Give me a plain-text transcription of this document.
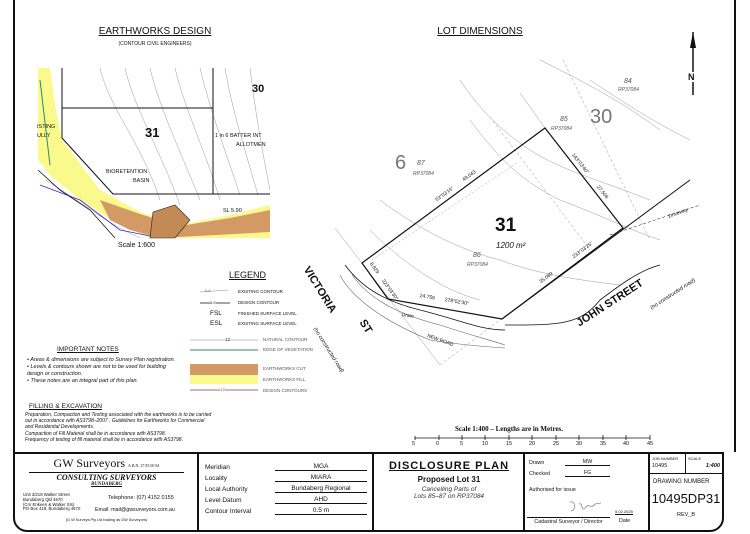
EARTHWORKS DESIGN
(CONTOUR CIVIL ENGINEERS)
31
30
ISTING
ULLY
BIORETENTION
BASIN
1 in 6 BATTER INT
ALLOTMEN
SL 5.90
Scale 1:600
LOT DIMENSIONS
31
1200 m²
84
RP37084
85
RP37084
86
RP37084
87
RP37084
30
6
53°03'15"
49.043
143°03'40"
27.508
35.089
233°03'25"
24.759 278°52'30"
8.829
323°03'30"
VICTORIA
ST
(no constructed road)
JOHN STREET (no constructed road)
NEW ROAD
Drain
Driveway
N
Scale 1:400 – Lengths are in Metres.
5	0	5	10	15	20	25	30	35	40	45
LEGEND
0.0	EXISTING CONTOUR
0.0	DESIGN CONTOUR
FSL	FINISHED SURFACE LEVEL
ESL	EXISTING SURFACE LEVEL
12	NATURAL CONTOUR
EDGE OF VEGETATION
EARTHWORKS CUT
EARTHWORKS FILL
12	DESIGN CONTOURS
IMPORTANT NOTES
• Areas & dimensions are subject to Survey Plan registration.
• Levels & contours shown are not to be used for building design or construction.
• These notes are an integral part of this plan.
FILLING & EXCAVATION
Preparation, Compaction and Testing associated with the earthworks is to be carried
out in accordance with AS3798–2007 , Guidelines for Earthworks for Commercial
and Residential Developments.
Compaction of Fill Material shall be in accordance with AS3798.
Frequency of testing of fill material shall be in accordance with AS3798.
GW Surveyors A.B.N. 27 83 00 84
CONSULTING SURVEYORS
BUNDABERG
Unit 3/218 Walker Street
Bundaberg Qld 4670
(Cnr Enkeen & Walker Sts)
PO Box 418, Bundaberg 4670
Telephone: (07) 4152 0155
Email: mail@gwsurveyors.com.au
(G W Surveys Pty Ltd trading as GW Surveyors)
Meridian	MGA
Locality	MIARA
Local Authority	Bundaberg Regional
Level Datum	AHD
Contour Interval	0.5 m
DISCLOSURE PLAN
Proposed Lot 31
Cancelling Parts of
Lots 85–87 on RP37084
Drawn	MW
Checked	FG
Authorised for issue
Cadastral Surveyor / Director
5.02.2025
Date
JOB NUMBER
10495
SCALE
1:400
DRAWING NUMBER
10495DP31
REV_B
